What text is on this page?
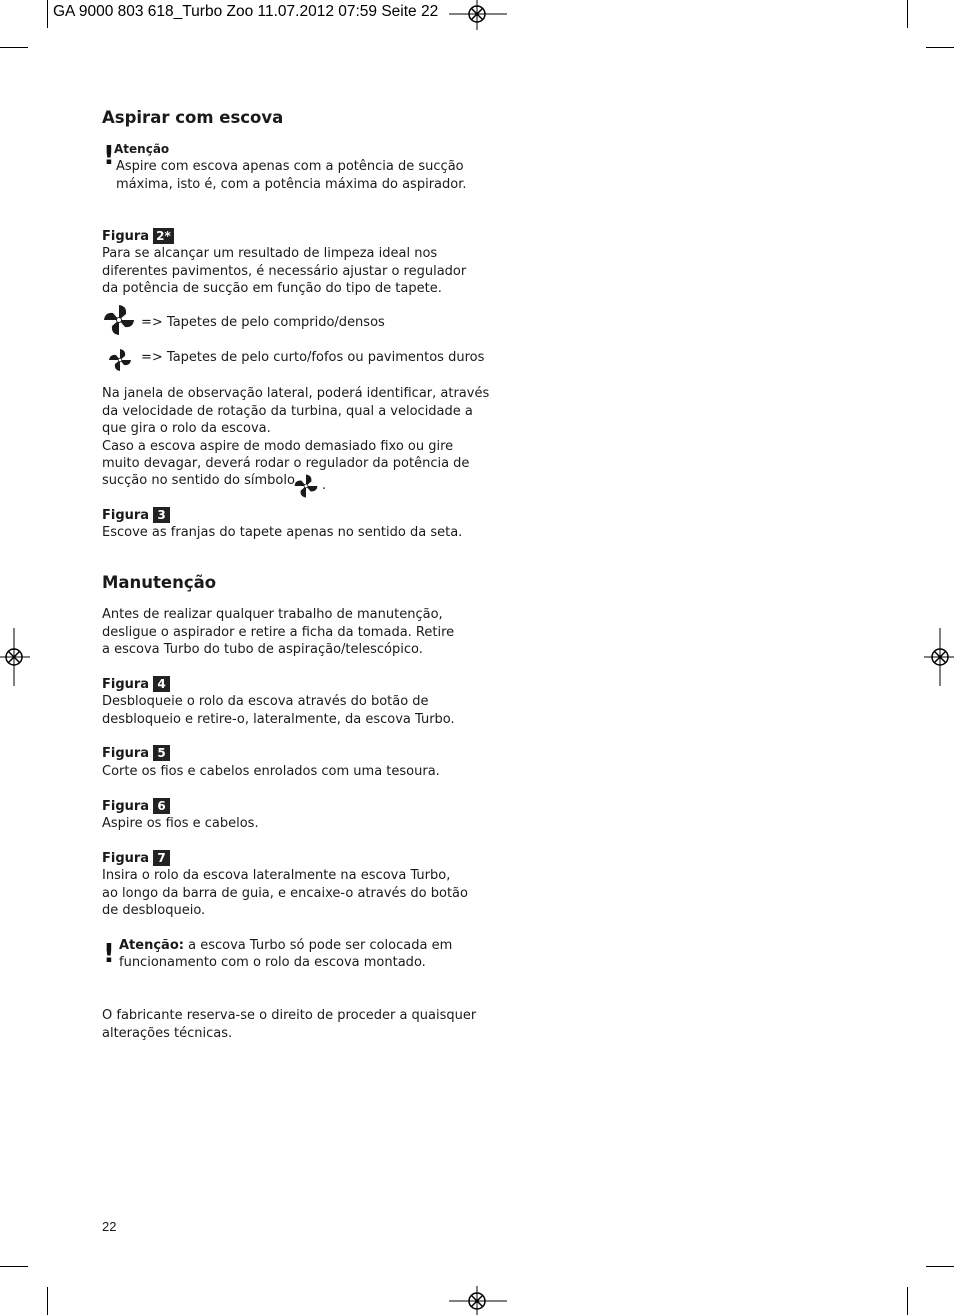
GA 9000 803 618_Turbo Zoo 11.07.2012 07:59 Seite 22
Aspirar com escova
! Atenção
Aspire com escova apenas com a potência de sucção
máxima, isto é, com a potência máxima do aspirador.
Figura 2*
Para se alcançar um resultado de limpeza ideal nos
diferentes pavimentos, é necessário ajustar o regulador
da potência de sucção em função do tipo de tapete.
=> Tapetes de pelo comprido/densos
=> Tapetes de pelo curto/fofos ou pavimentos duros
Na janela de observação lateral, poderá identificar, através
da velocidade de rotação da turbina, qual a velocidade a
que gira o rolo da escova.
Caso a escova aspire de modo demasiado fixo ou gire
muito devagar, deverá rodar o regulador da potência de
sucção no sentido do símbolo .
Figura 3
Escove as franjas do tapete apenas no sentido da seta.
Manutenção
Antes de realizar qualquer trabalho de manutenção,
desligue o aspirador e retire a ficha da tomada. Retire
a escova Turbo do tubo de aspiração/telescópico.
Figura 4
Desbloqueie o rolo da escova através do botão de
desbloqueio e retire-o, lateralmente, da escova Turbo.
Figura 5
Corte os fios e cabelos enrolados com uma tesoura.
Figura 6
Aspire os fios e cabelos.
Figura 7
Insira o rolo da escova lateralmente na escova Turbo,
ao longo da barra de guia, e encaixe-o através do botão
de desbloqueio.
! Atenção: a escova Turbo só pode ser colocada em
funcionamento com o rolo da escova montado.
O fabricante reserva-se o direito de proceder a quaisquer
alterações técnicas.
22
